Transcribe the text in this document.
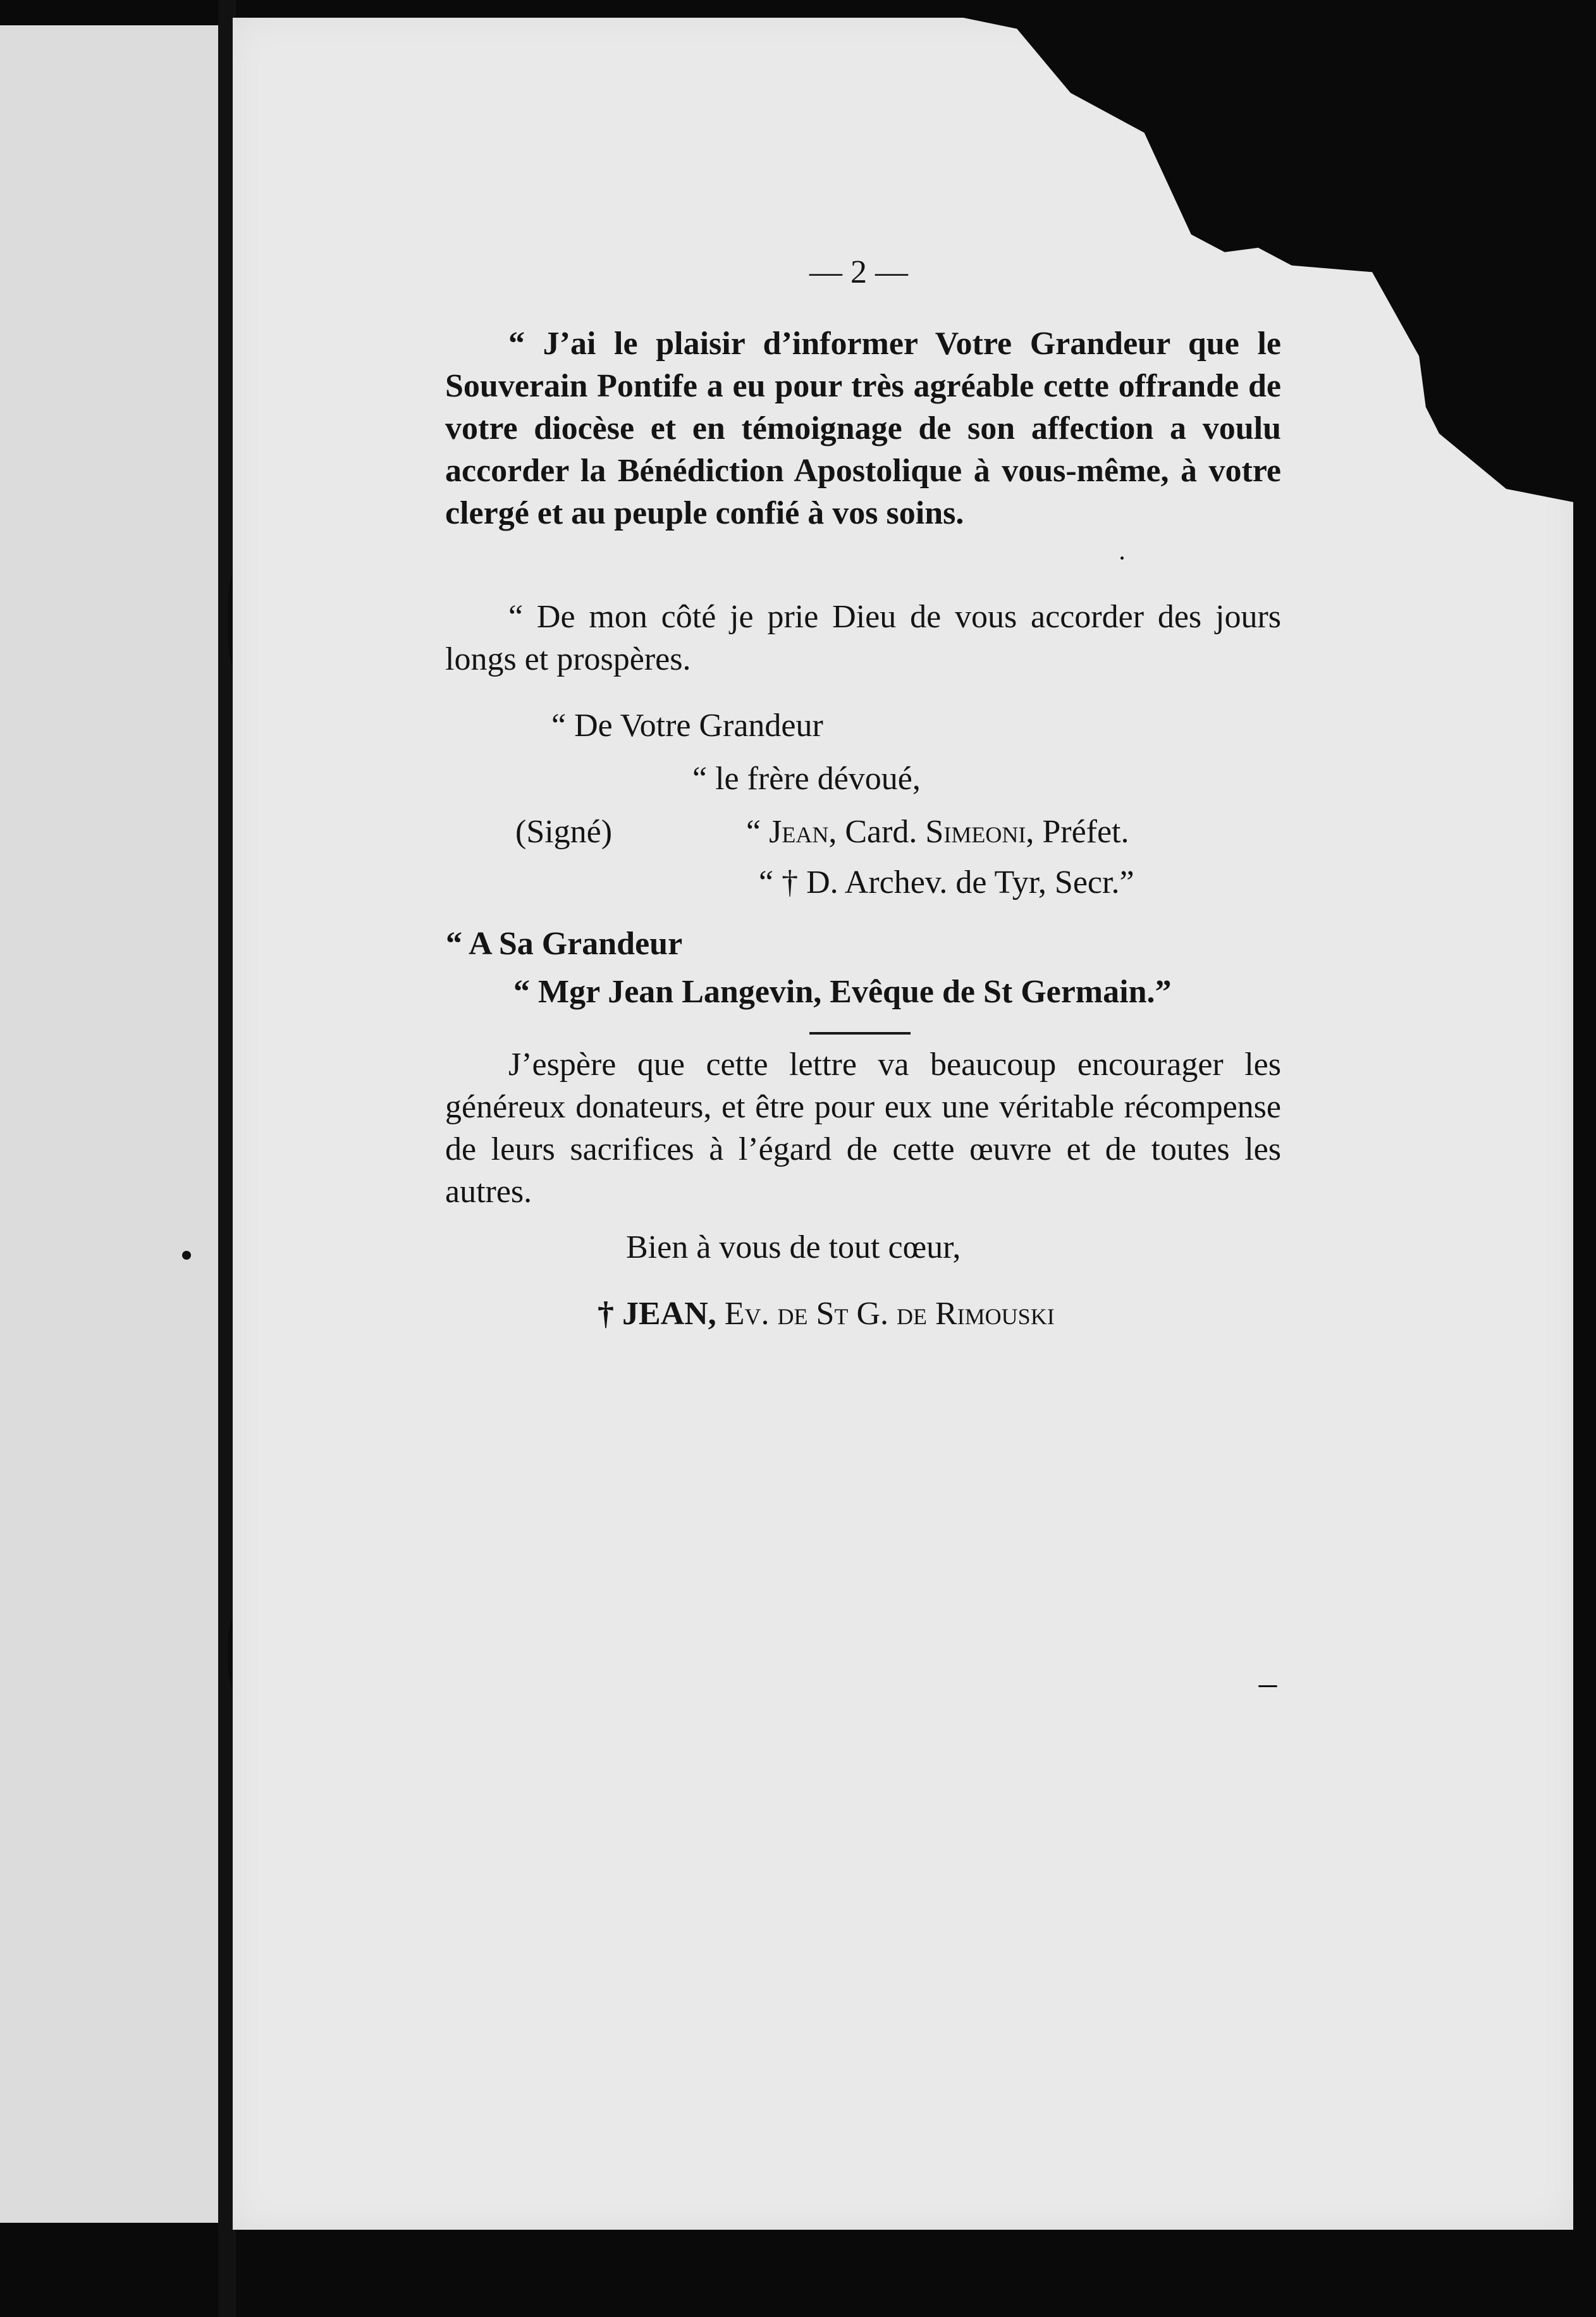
— 2 —

“ J’ai le plaisir d’informer Votre Grandeur que le Souverain Pontife a eu pour très agréable cette offrande de votre diocèse et en témoignage de son affection a voulu accorder la Bénédiction Apostolique à vous-même, à votre clergé et au peuple confié à vos soins.

“ De mon côté je prie Dieu de vous accorder des jours longs et prospères.

“ De Votre Grandeur
“ le frère dévoué,
(Signé)	“ Jean, Card. Simeoni, Préfet.
“ † D. Archev. de Tyr, Secr.”
“ A Sa Grandeur
“ Mgr Jean Langevin, Evêque de St Germain.”

J’espère que cette lettre va beaucoup encourager les généreux donateurs, et être pour eux une véritable récompense de leurs sacrifices à l’égard de cette œuvre et de toutes les autres.

Bien à vous de tout cœur,
† JEAN, Ev. de St G. de Rimouski
